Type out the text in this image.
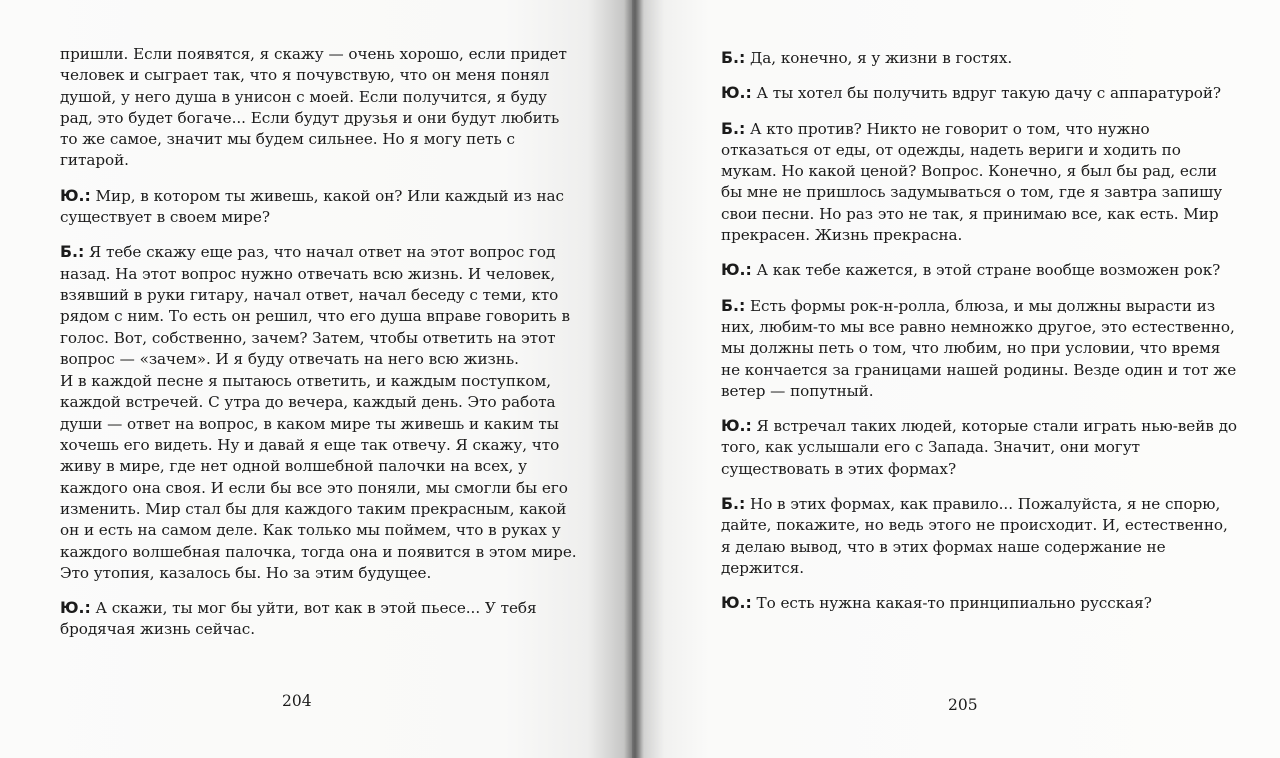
пришли. Если появятся, я скажу — очень хорошо, если придет человек и сыграет так, что я почувствую, что он меня понял душой, у него душа в унисон с моей. Если получится, я буду рад, это будет богаче... Если будут друзья и они будут любить то же самое, значит мы будем сильнее. Но я могу петь с гитарой.

Ю.: Мир, в котором ты живешь, какой он? Или каждый из нас существует в своем мире?

Б.: Я тебе скажу еще раз, что начал ответ на этот вопрос год назад. На этот вопрос нужно отвечать всю жизнь. И человек, взявший в руки гитару, начал ответ, начал беседу с теми, кто рядом с ним. То есть он решил, что его душа вправе говорить в голос. Вот, собственно, зачем? Затем, чтобы ответить на этот вопрос — «зачем». И я буду отвечать на него всю жизнь.

И в каждой песне я пытаюсь ответить, и каждым поступком, каждой встречей. С утра до вечера, каждый день. Это работа души — ответ на вопрос, в каком мире ты живешь и каким ты хочешь его видеть. Ну и давай я еще так отвечу. Я скажу, что живу в мире, где нет одной волшебной палочки на всех, у каждого она своя. И если бы все это поняли, мы смогли бы его изменить. Мир стал бы для каждого таким прекрасным, какой он и есть на самом деле. Как только мы поймем, что в руках у каждого волшебная палочка, тогда она и появится в этом мире. Это утопия, казалось бы. Но за этим будущее.

Ю.: А скажи, ты мог бы уйти, вот как в этой пьесе... У тебя бродячая жизнь сейчас.

204

Б.: Да, конечно, я у жизни в гостях.

Ю.: А ты хотел бы получить вдруг такую дачу с аппаратурой?

Б.: А кто против? Никто не говорит о том, что нужно отказаться от еды, от одежды, надеть вериги и ходить по мукам. Но какой ценой? Вопрос. Конечно, я был бы рад, если бы мне не пришлось задумываться о том, где я завтра запишу свои песни. Но раз это не так, я принимаю все, как есть. Мир прекрасен. Жизнь прекрасна.

Ю.: А как тебе кажется, в этой стране вообще возможен рок?

Б.: Есть формы рок-н-ролла, блюза, и мы должны вырасти из них, любим-то мы все равно немножко другое, это естественно, мы должны петь о том, что любим, но при условии, что время не кончается за границами нашей родины. Везде один и тот же ветер — попутный.

Ю.: Я встречал таких людей, которые стали играть нью-вейв до того, как услышали его с Запада. Значит, они могут существовать в этих формах?

Б.: Но в этих формах, как правило... Пожалуйста, я не спорю, дайте, покажите, но ведь этого не происходит. И, естественно, я делаю вывод, что в этих формах наше содержание не держится.

Ю.: То есть нужна какая-то принципиально русская?

205
